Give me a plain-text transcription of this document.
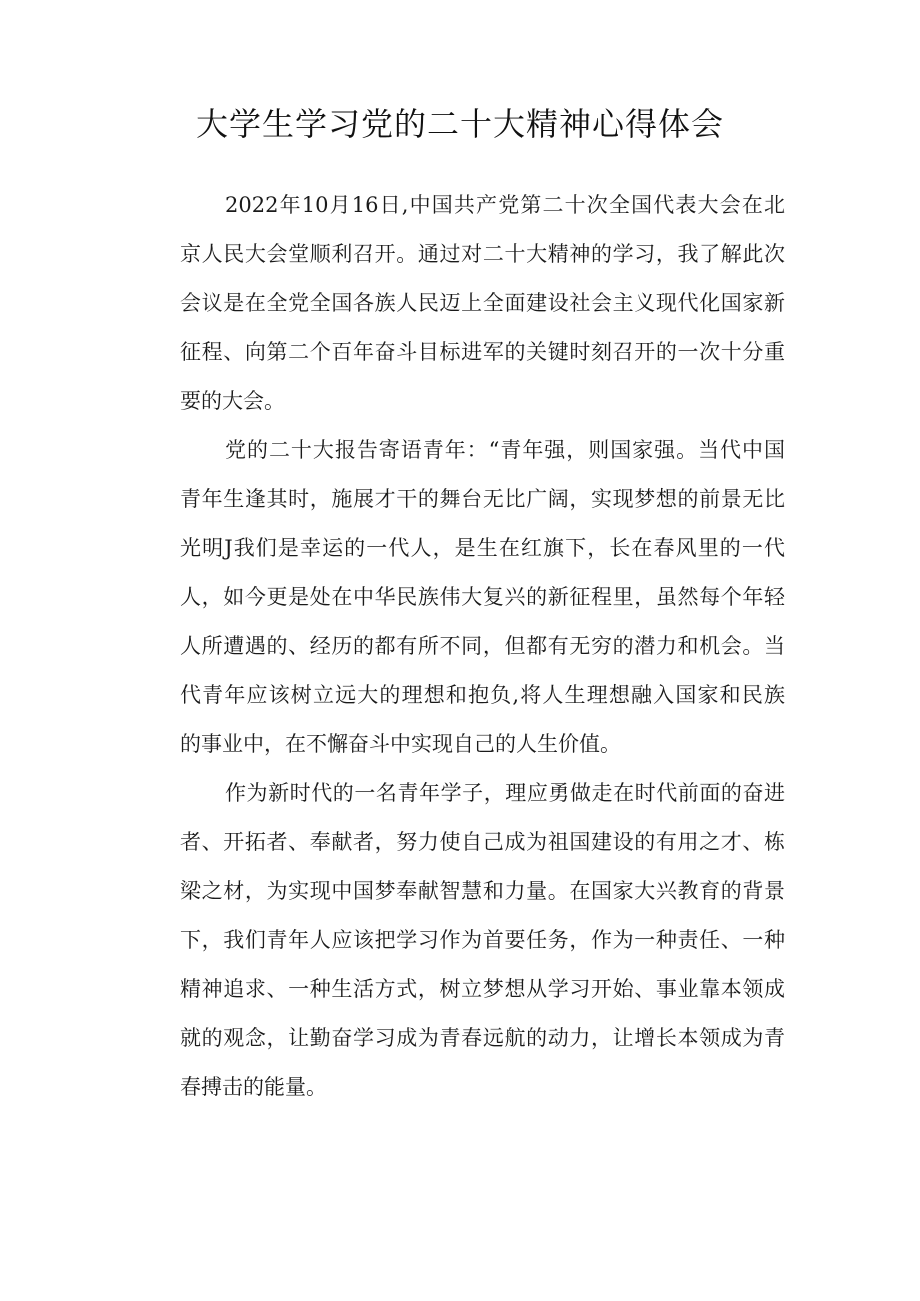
大学生学习党的二十大精神心得体会
2022年10月16日,中国共产党第二十次全国代表大会在北
京人民大会堂顺利召开。通过对二十大精神的学习，我了解此次
会议是在全党全国各族人民迈上全面建设社会主义现代化国家新
征程、向第二个百年奋斗目标进军的关键时刻召开的一次十分重
要的大会。
党的二十大报告寄语青年：“青年强，则国家强。当代中国
青年生逢其时，施展才干的舞台无比广阔，实现梦想的前景无比
光明J我们是幸运的一代人，是生在红旗下，长在春风里的一代
人，如今更是处在中华民族伟大复兴的新征程里，虽然每个年轻
人所遭遇的、经历的都有所不同，但都有无穷的潜力和机会。当
代青年应该树立远大的理想和抱负,将人生理想融入国家和民族
的事业中，在不懈奋斗中实现自己的人生价值。
作为新时代的一名青年学子，理应勇做走在时代前面的奋进
者、开拓者、奉献者，努力使自己成为祖国建设的有用之才、栋
梁之材，为实现中国梦奉献智慧和力量。在国家大兴教育的背景
下，我们青年人应该把学习作为首要任务，作为一种责任、一种
精神追求、一种生活方式，树立梦想从学习开始、事业靠本领成
就的观念，让勤奋学习成为青春远航的动力，让增长本领成为青
春搏击的能量。
